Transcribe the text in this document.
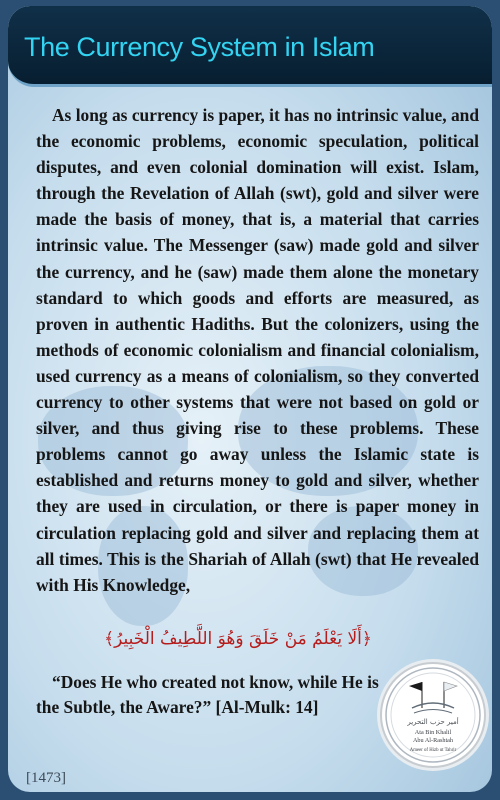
The Currency System in Islam

As long as currency is paper, it has no intrinsic value, and the economic problems, economic speculation, political disputes, and even colonial domination will exist. Islam, through the Revelation of Allah (swt), gold and silver were made the basis of money, that is, a material that carries intrinsic value. The Messenger (saw) made gold and silver the currency, and he (saw) made them alone the monetary standard to which goods and efforts are measured, as proven in authentic Hadiths. But the colonizers, using the methods of economic colonialism and financial colonialism, used currency as a means of colonialism, so they converted currency to other systems that were not based on gold or silver, and thus giving rise to these problems. These problems cannot go away unless the Islamic state is established and returns money to gold and silver, whether they are used in circulation, or there is paper money in circulation replacing gold and silver and replacing them at all times. This is the Shariah of Allah (swt) that He revealed with His Knowledge,

﴿أَلَا يَعْلَمُ مَنْ خَلَقَ وَهُوَ اللَّطِيفُ الْخَبِيرُ﴾

“Does He who created not know, while He is the Subtle, the Aware?” [Al-Mulk: 14]

أمير حزب التحرير
Ata Bin Khalil
Abu Al-Rashtah
Ameer of Hizb ut Tahrir
[1473]
